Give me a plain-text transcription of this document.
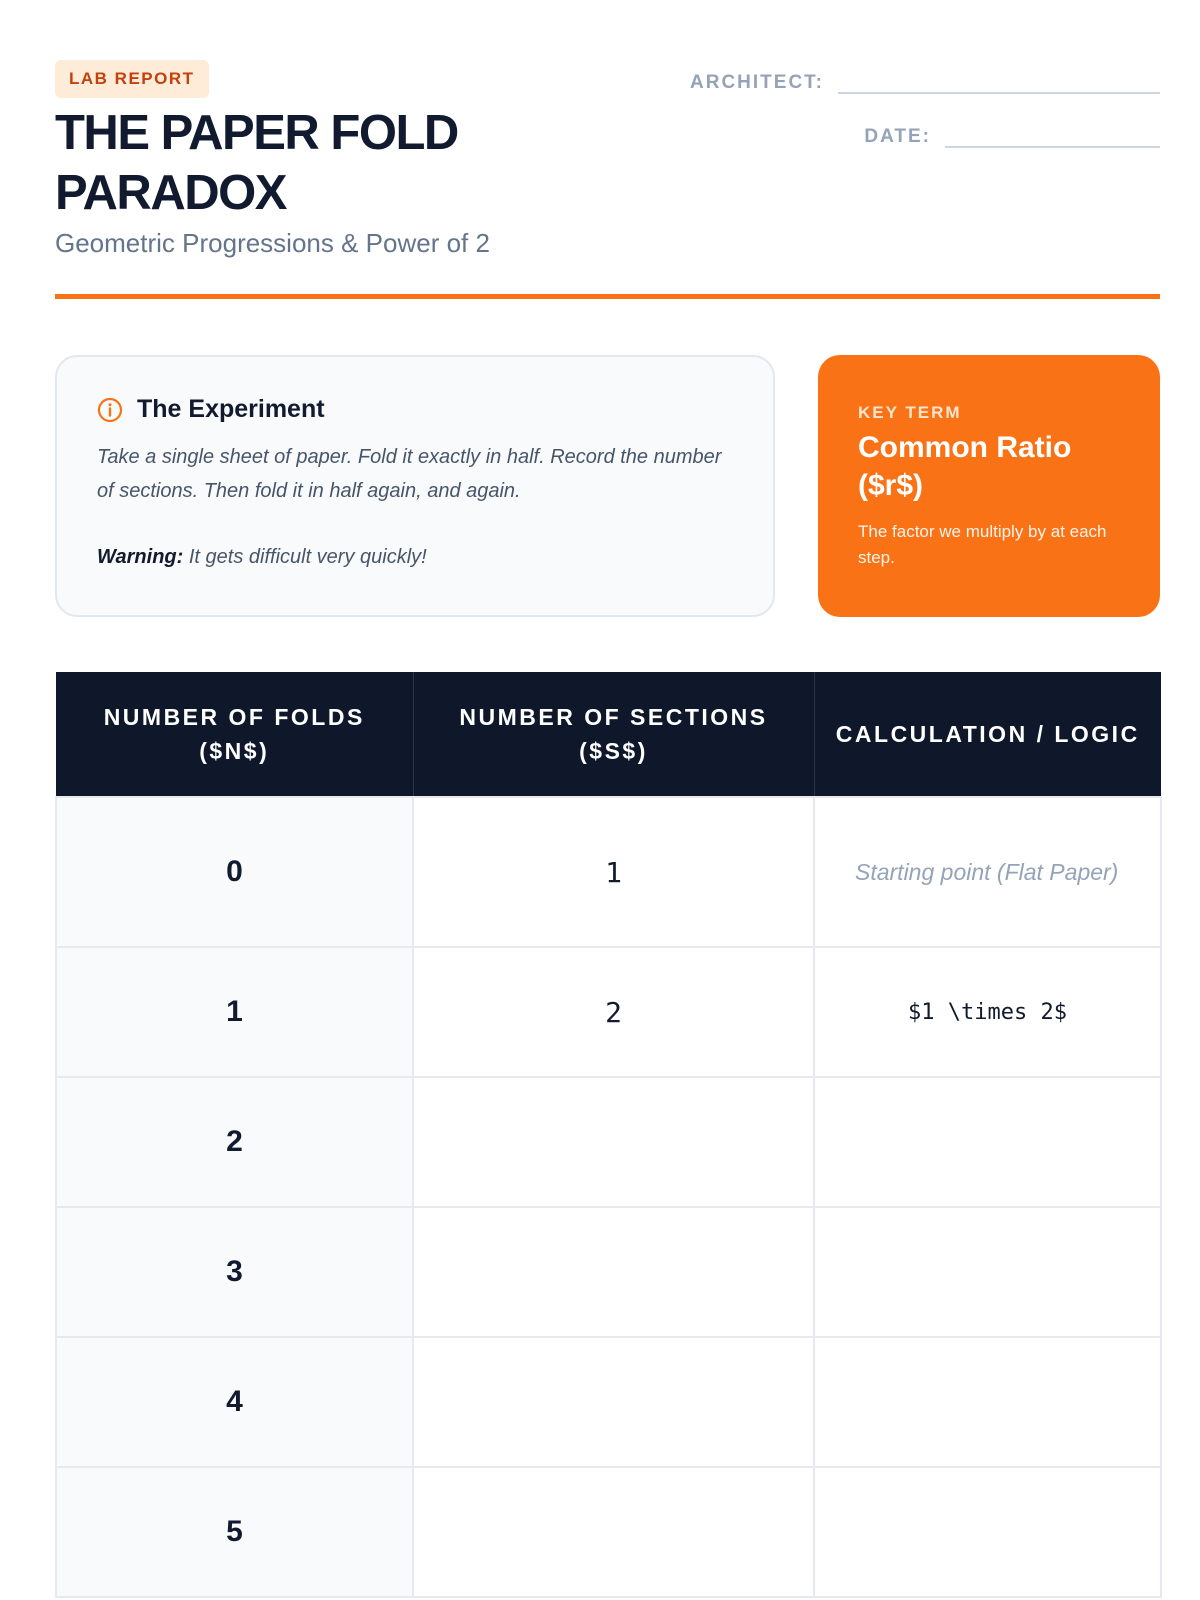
LAB REPORT
THE PAPER FOLD PARADOX
Geometric Progressions & Power of 2
ARCHITECT:
DATE:
The Experiment

Take a single sheet of paper. Fold it exactly in half. Record the number of sections. Then fold it in half again, and again.

Warning: It gets difficult very quickly!
KEY TERM
Common Ratio ($r$)
The factor we multiply by at each step.
NUMBER OF FOLDS ($N$)	NUMBER OF SECTIONS ($S$)	CALCULATION / LOGIC
0	1	Starting point (Flat Paper)
1	2	$1 \times 2$
2		
3		
4		
5		
